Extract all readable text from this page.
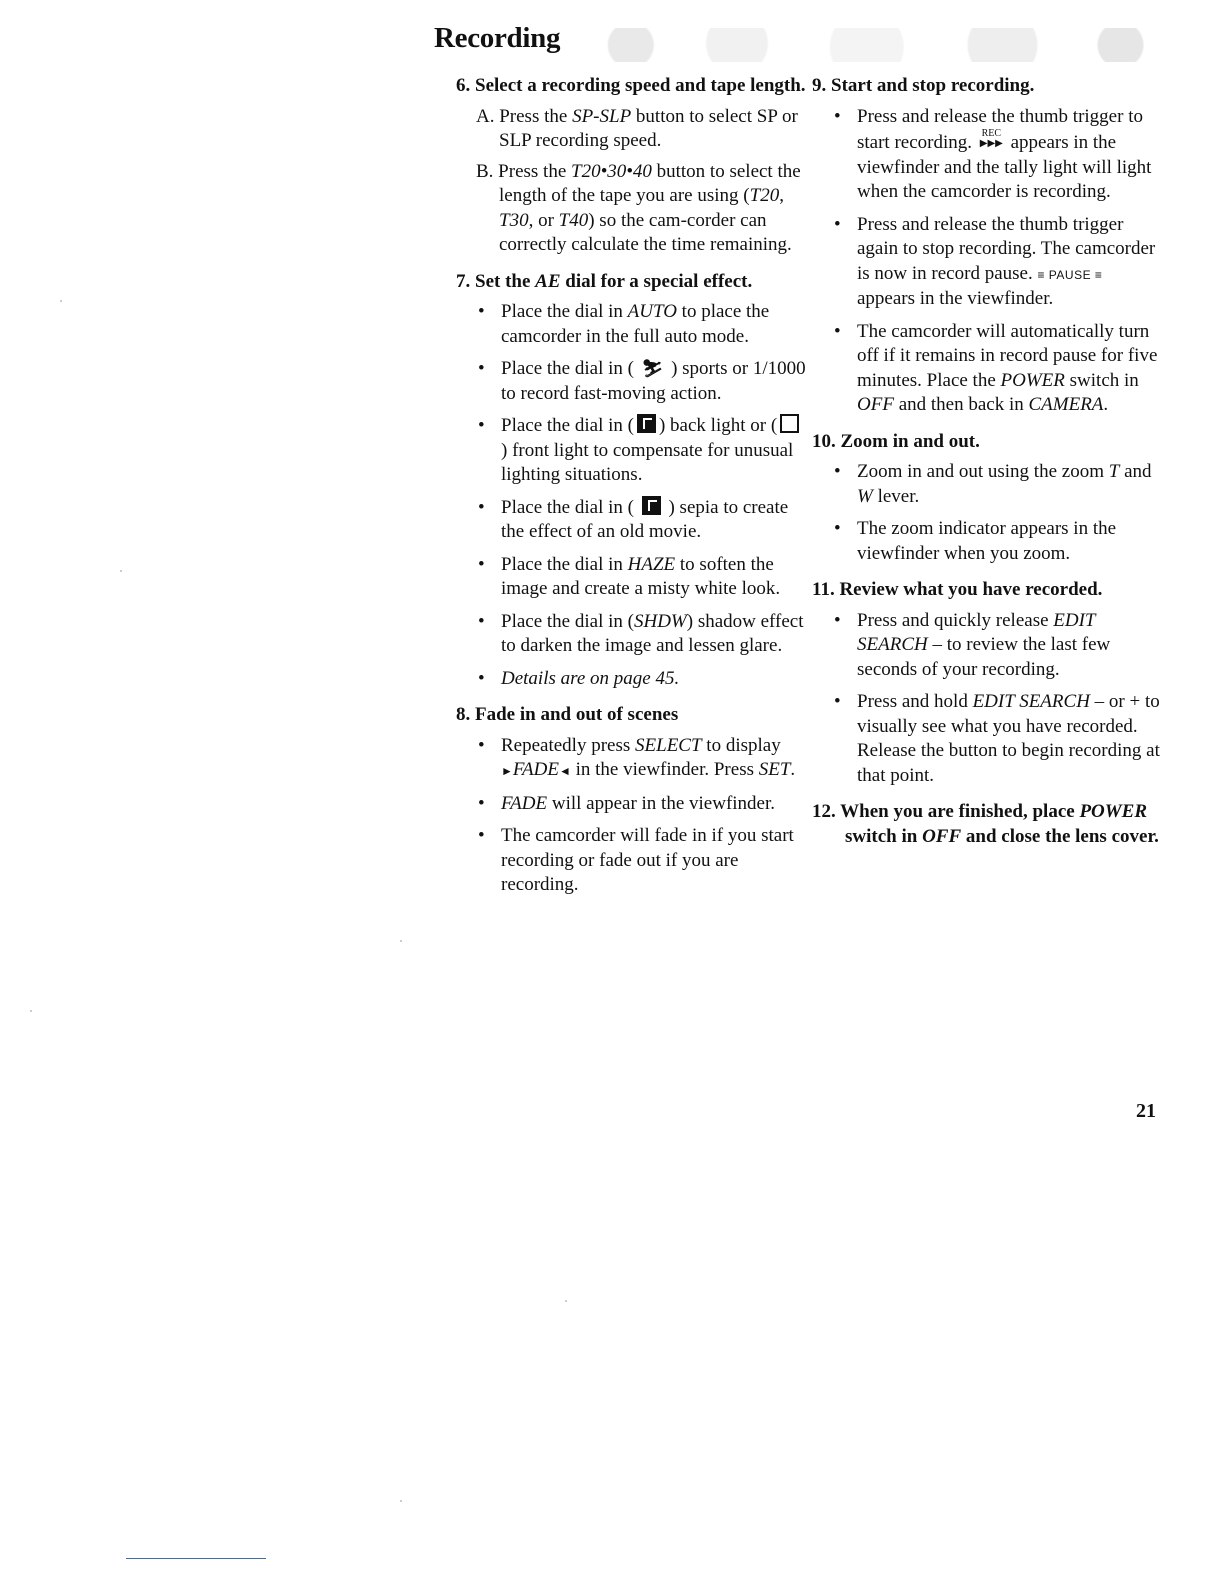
Recording

6. Select a recording speed and tape length.

A. Press the SP-SLP button to select SP or SLP recording speed.

B. Press the T20•30•40 button to select the length of the tape you are using (T20, T30, or T40) so the cam-corder can correctly calculate the time remaining.

7. Set the AE dial for a special effect.

• Place the dial in AUTO to place the camcorder in the full auto mode.
• Place the dial in ( ⛷ ) sports or 1/1000 to record fast-moving action.
• Place the dial in ( ) back light or () front light to compensate for unusual lighting situations.
• Place the dial in (  ) sepia to create the effect of an old movie.
• Place the dial in HAZE to soften the image and create a misty white look.
• Place the dial in (SHDW) shadow effect to darken the image and lessen glare.
• Details are on page 45.

8. Fade in and out of scenes

• Repeatedly press SELECT to display ►FADE◄ in the viewfinder. Press SET.
• FADE will appear in the viewfinder.
• The camcorder will fade in if you start recording or fade out if you are recording.

9. Start and stop recording.

• Press and release the thumb trigger to start recording. REC
▶▶▶ appears in the viewfinder and the tally light will light when the camcorder is recording.
• Press and release the thumb trigger again to stop recording. The camcorder is now in record pause. ≡ PAUSE ≡ appears in the viewfinder.
• The camcorder will automatically turn off if it remains in record pause for five minutes. Place the POWER switch in OFF and then back in CAMERA.

10. Zoom in and out.

• Zoom in and out using the zoom T and W lever.
• The zoom indicator appears in the viewfinder when you zoom.

11. Review what you have recorded.

• Press and quickly release EDIT SEARCH – to review the last few seconds of your recording.
• Press and hold EDIT SEARCH – or + to visually see what you have recorded. Release the button to begin recording at that point.

12. When you are finished, place POWER switch in OFF and close the lens cover.

21
